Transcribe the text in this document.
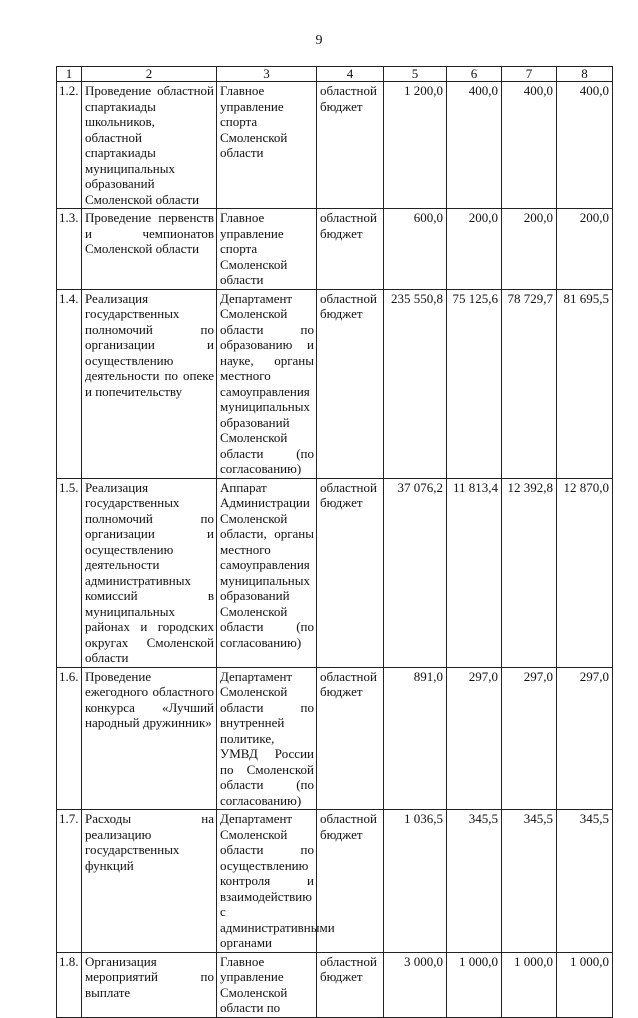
9
1	2	3	4	5	6	7	8
1.2.	Проведение областной спартакиады школьников, областной спартакиады муниципальных образований Смоленской области	Главное управление спорта Смоленской области	областной бюджет	1 200,0	400,0	400,0	400,0
1.3.	Проведение первенств и чемпионатов Смоленской области	Главное управление спорта Смоленской области	областной бюджет	600,0	200,0	200,0	200,0
1.4.	Реализация государственных полномочий по организации и осуществлению деятельности по опеке и попечительству	Департамент Смоленской области по образованию и науке, органы местного самоуправления муниципальных образований Смоленской области (по согласованию)	областной бюджет	235 550,8	75 125,6	78 729,7	81 695,5
1.5.	Реализация государственных полномочий по организации и осуществлению деятельности административных комиссий в муниципальных районах и городских округах Смоленской области	Аппарат Администрации Смоленской области, органы местного самоуправления муниципальных образований Смоленской области (по согласованию)	областной бюджет	37 076,2	11 813,4	12 392,8	12 870,0
1.6.	Проведение ежегодного областного конкурса «Лучший народный дружинник»	Департамент Смоленской области по внутренней политике, УМВД России по Смоленской области (по согласованию)	областной бюджет	891,0	297,0	297,0	297,0
1.7.	Расходы на реализацию государственных функций	Департамент Смоленской области по осуществлению контроля и взаимодействию с административными органами	областной бюджет	1 036,5	345,5	345,5	345,5
1.8.	Организация мероприятий по выплате	Главное управление Смоленской области по	областной бюджет	3 000,0	1 000,0	1 000,0	1 000,0
